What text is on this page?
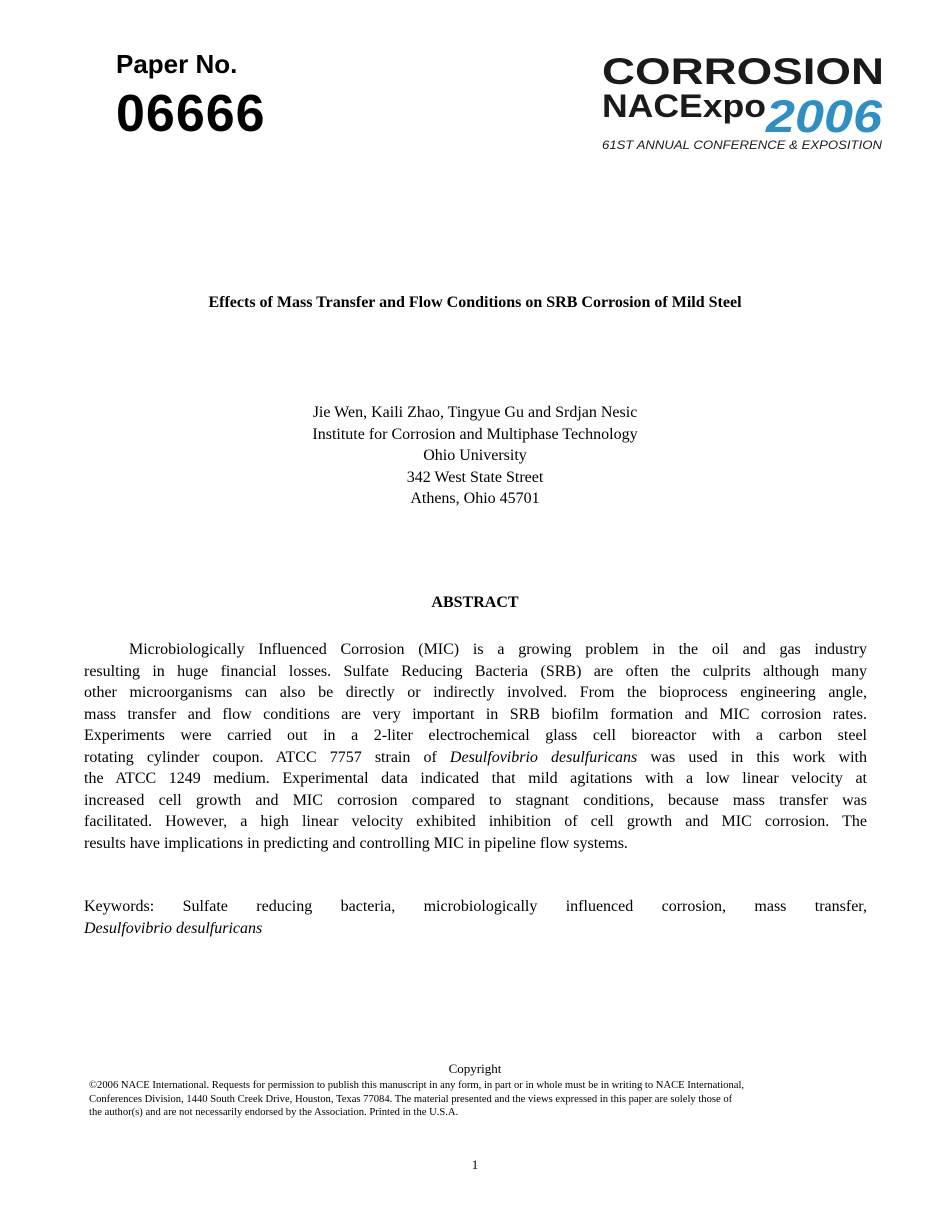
Paper No.
06666
CORROSION
NACExpo
2006
61ST ANNUAL CONFERENCE & EXPOSITION
Effects of Mass Transfer and Flow Conditions on SRB Corrosion of Mild Steel
Jie Wen, Kaili Zhao, Tingyue Gu and Srdjan Nesic
Institute for Corrosion and Multiphase Technology
Ohio University
342 West State Street
Athens, Ohio 45701
ABSTRACT
Microbiologically Influenced Corrosion (MIC) is a growing problem in the oil and gas industry
resulting in huge financial losses. Sulfate Reducing Bacteria (SRB) are often the culprits although many
other microorganisms can also be directly or indirectly involved. From the bioprocess engineering angle,
mass transfer and flow conditions are very important in SRB biofilm formation and MIC corrosion rates.
Experiments were carried out in a 2-liter electrochemical glass cell bioreactor with a carbon steel
rotating cylinder coupon. ATCC 7757 strain of Desulfovibrio desulfuricans was used in this work with
the ATCC 1249 medium. Experimental data indicated that mild agitations with a low linear velocity at
increased cell growth and MIC corrosion compared to stagnant conditions, because mass transfer was
facilitated. However, a high linear velocity exhibited inhibition of cell growth and MIC corrosion. The
results have implications in predicting and controlling MIC in pipeline flow systems.
Keywords: Sulfate reducing bacteria, microbiologically influenced corrosion, mass transfer,
Desulfovibrio desulfuricans
Copyright
©2006 NACE International. Requests for permission to publish this manuscript in any form, in part or in whole must be in writing to NACE International,
Conferences Division, 1440 South Creek Drive, Houston, Texas 77084. The material presented and the views expressed in this paper are solely those of
the author(s) and are not necessarily endorsed by the Association. Printed in the U.S.A.
1
